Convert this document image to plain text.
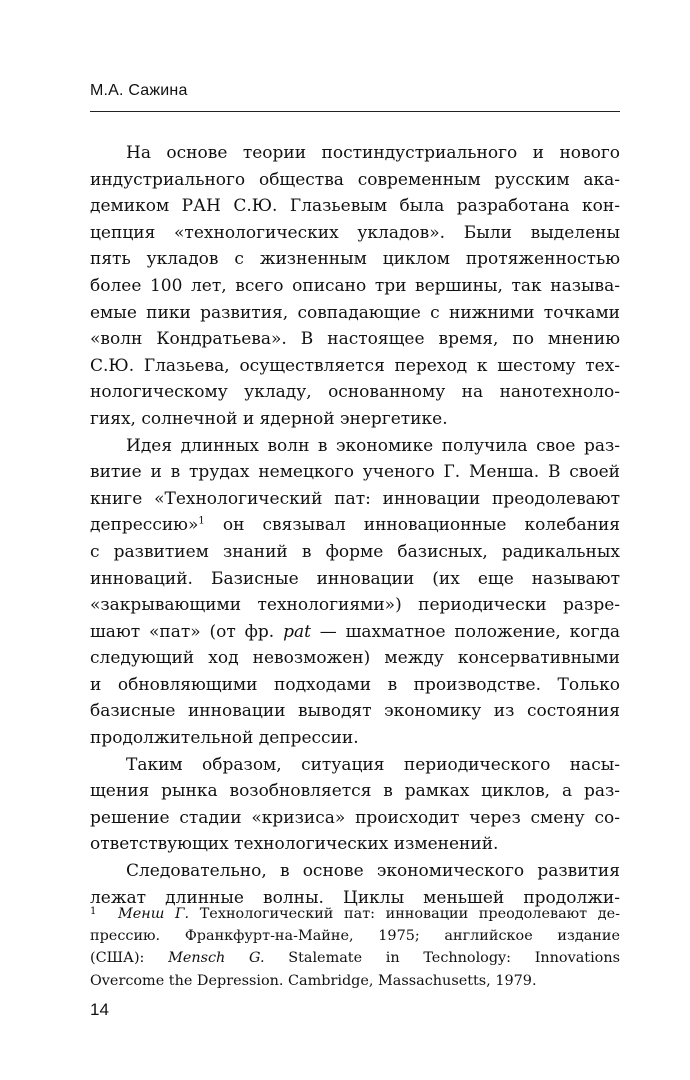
М.А. Сажина
На основе теории постиндустриального и нового
индустриального общества современным русским ака-
демиком РАН С.Ю. Глазьевым была разработана кон-
цепция «технологических укладов». Были выделены
пять укладов с жизненным циклом протяженностью
более 100 лет, всего описано три вершины, так называ-
емые пики развития, совпадающие с нижними точками
«волн Кондратьева». В настоящее время, по мнению
С.Ю. Глазьева, осуществляется переход к шестому тех-
нологическому укладу, основанному на нанотехноло-
гиях, солнечной и ядерной энергетике.
Идея длинных волн в экономике получила свое раз-
витие и в трудах немецкого ученого Г. Менша. В своей
книге «Технологический пат: инновации преодолевают
депрессию»$^1$ он связывал инновационные колебания
с развитием знаний в форме базисных, радикальных
инноваций. Базисные инновации (их еще называют
«закрывающими технологиями») периодически разре-
шают «пат» (от фр. pat — шахматное положение, когда
следующий ход невозможен) между консервативными
и обновляющими подходами в производстве. Только
базисные инновации выводят экономику из состояния
продолжительной депрессии.
Таким образом, ситуация периодического насы-
щения рынка возобновляется в рамках циклов, а раз-
решение стадии «кризиса» происходит через смену со-
ответствующих технологических изменений.
Следовательно, в основе экономического развития
лежат длинные волны. Циклы меньшей продолжи-
1	Менш Г. Технологический пат: инновации преодолевают де-
прессию. Франкфурт-на-Майне, 1975; английское издание
(США): Mensch G. Stalemate in Technology: Innovations
Overcome the Depression. Cambridge, Massachusetts, 1979.
14
